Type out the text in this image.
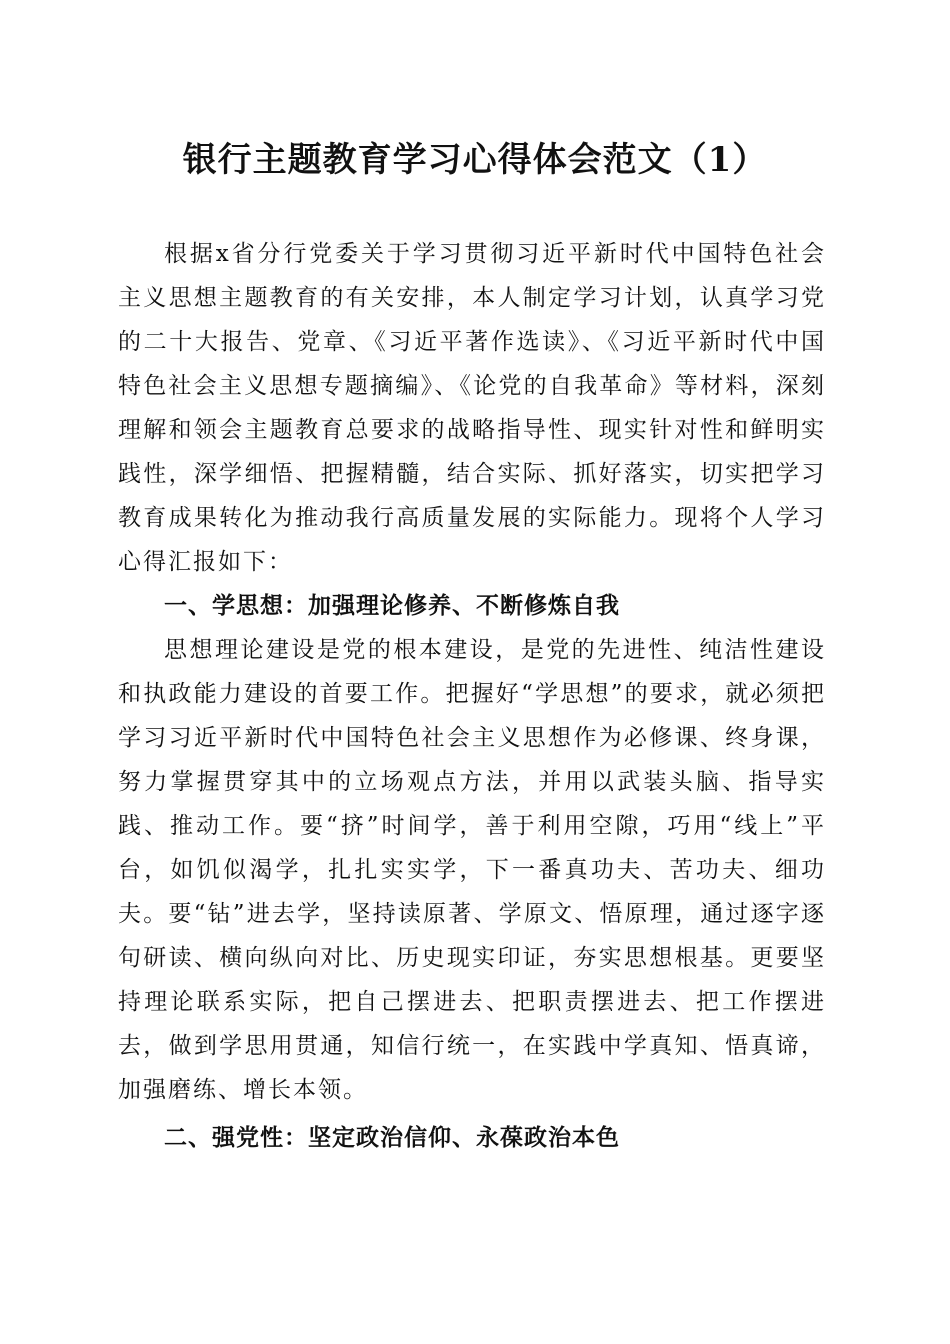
银行主题教育学习心得体会范文（1）

根据x省分行党委关于学习贯彻习近平新时代中国特色社会主义思想主题教育的有关安排，本人制定学习计划，认真学习党的二十大报告、党章、《习近平著作选读》、《习近平新时代中国特色社会主义思想专题摘编》、《论党的自我革命》等材料，深刻理解和领会主题教育总要求的战略指导性、现实针对性和鲜明实践性，深学细悟、把握精髓，结合实际、抓好落实，切实把学习教育成果转化为推动我行高质量发展的实际能力。现将个人学习心得汇报如下：

一、学思想：加强理论修养、不断修炼自我

思想理论建设是党的根本建设，是党的先进性、纯洁性建设和执政能力建设的首要工作。把握好“学思想”的要求，就必须把学习习近平新时代中国特色社会主义思想作为必修课、终身课，努力掌握贯穿其中的立场观点方法，并用以武装头脑、指导实践、推动工作。要“挤”时间学，善于利用空隙，巧用“线上”平台，如饥似渴学，扎扎实实学，下一番真功夫、苦功夫、细功夫。要“钻”进去学，坚持读原著、学原文、悟原理，通过逐字逐句研读、横向纵向对比、历史现实印证，夯实思想根基。更要坚持理论联系实际，把自己摆进去、把职责摆进去、把工作摆进去，做到学思用贯通，知信行统一，在实践中学真知、悟真谛，加强磨练、增长本领。

二、强党性：坚定政治信仰、永葆政治本色
